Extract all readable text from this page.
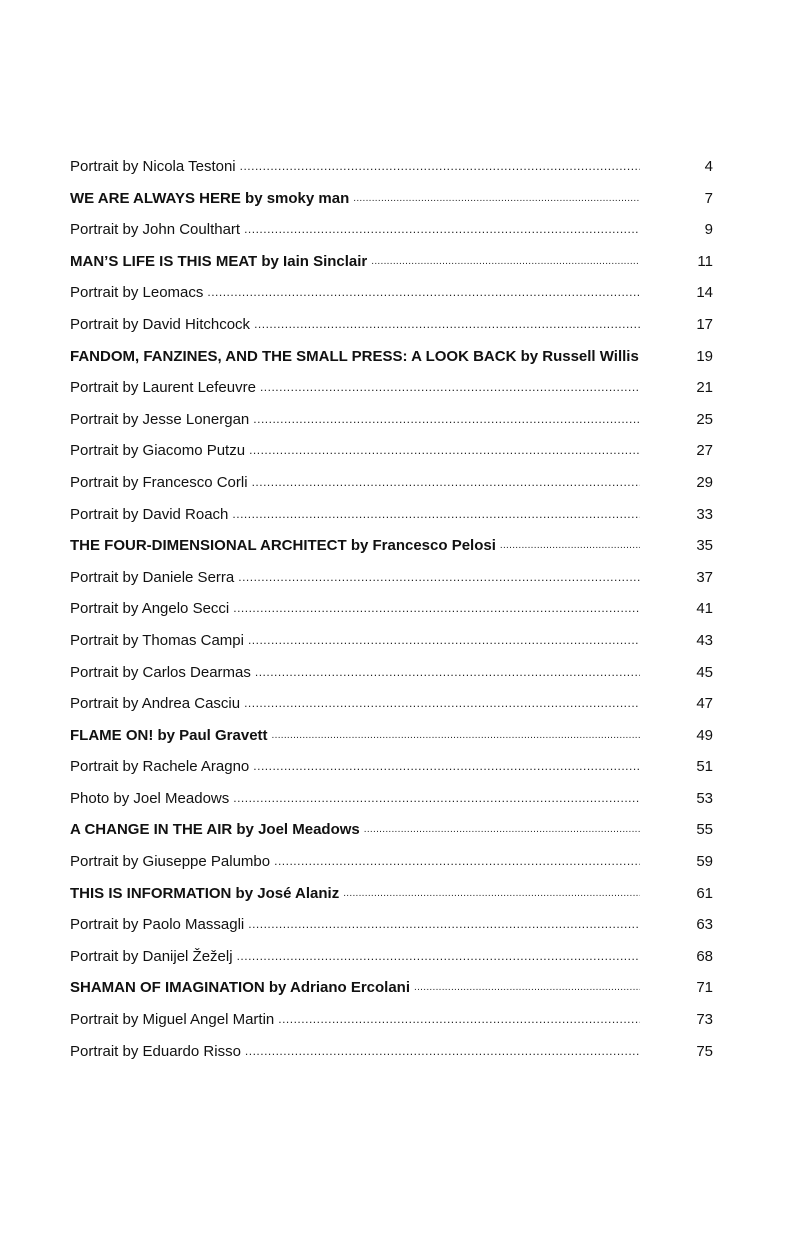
Portrait by Nicola Testoni .....	4
WE ARE ALWAYS HERE by smoky man .....	7
Portrait by John Coulthart .....	9
MAN’S LIFE IS THIS MEAT by Iain Sinclair .....	11
Portrait by Leomacs .....	14
Portrait by David Hitchcock .....	17
FANDOM, FANZINES, AND THE SMALL PRESS: A LOOK BACK by Russell Willis	19
Portrait by Laurent Lefeuvre .....	21
Portrait by Jesse Lonergan .....	25
Portrait by Giacomo Putzu .....	27
Portrait by Francesco Corli .....	29
Portrait by David Roach .....	33
THE FOUR-DIMENSIONAL ARCHITECT by Francesco Pelosi .....	35
Portrait by Daniele Serra .....	37
Portrait by Angelo Secci .....	41
Portrait by Thomas Campi .....	43
Portrait by Carlos Dearmas .....	45
Portrait by Andrea Casciu .....	47
FLAME ON! by Paul Gravett .....	49
Portrait by Rachele Aragno .....	51
Photo by Joel Meadows .....	53
A CHANGE IN THE AIR by Joel Meadows .....	55
Portrait by Giuseppe Palumbo .....	59
THIS IS INFORMATION by José Alaniz .....	61
Portrait by Paolo Massagli .....	63
Portrait by Danijel Žeželj .....	68
SHAMAN OF IMAGINATION by Adriano Ercolani .....	71
Portrait by Miguel Angel Martin .....	73
Portrait by Eduardo Risso .....	75
